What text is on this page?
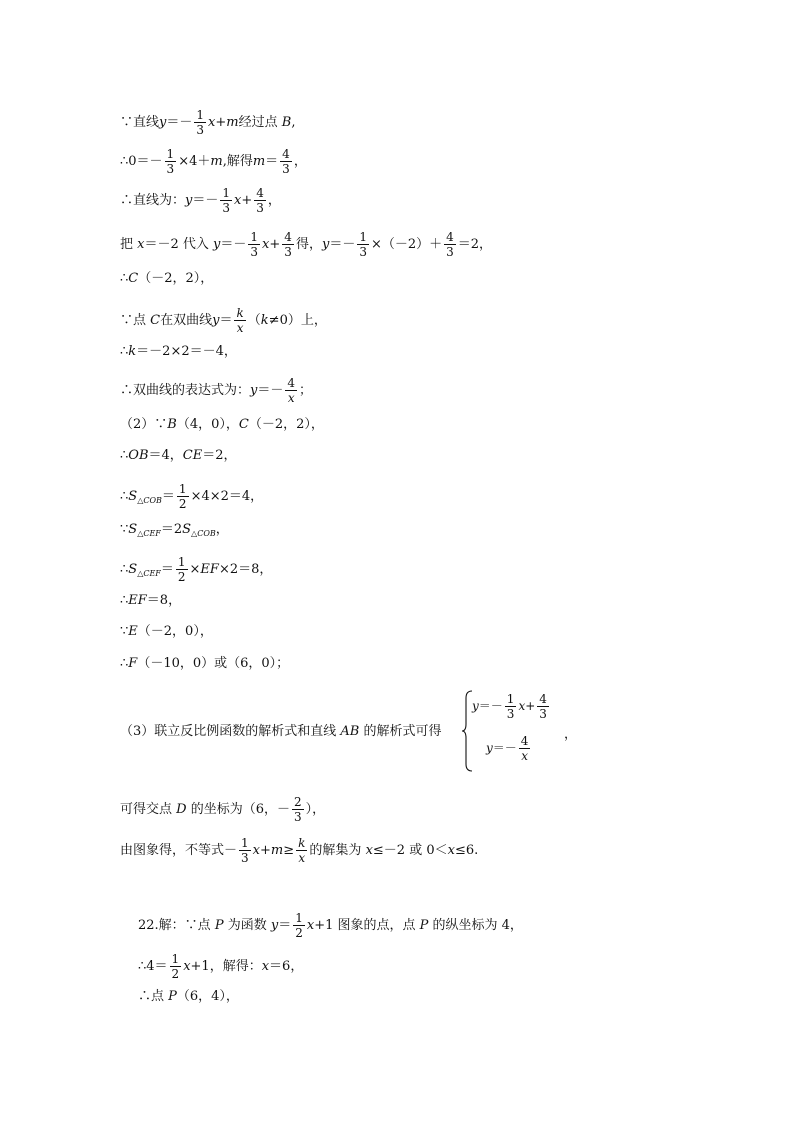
∵直线$y=- \frac{1}{3} x+m$经过点 B,
∴0＝－ $\frac{1}{3} \times 4+m$,解得$m= \frac{4}{3}$ ，
∴直线为：$y=- \frac{1}{3} x+ \frac{4}{3}$ ，
把 x＝－2 代入 $y=- \frac{1}{3} x+ \frac{4}{3}$ 得，$y=- \frac{1}{3} \times(-2)+ \frac{4}{3} =2$，
∴C（－2，2），
∵点 C在双曲线$y= \frac{k}{x} (k\ne 0)$上，
∴k＝－2×2＝－4，
∴双曲线的表达式为：$y=- \frac{4}{x}$ ；
（2）∵B（4，0），C（－2，2），
∴OB＝4，CE＝2，
$\therefore S_{\triangle COB}= \frac{1}{2} \times 4\times 2=4$，
$\because S_{\triangle CEF}=2S_{\triangle COB}$，
$\therefore S_{\triangle CEF}= \frac{1}{2} \times EF\times 2=8$，
∴EF＝8，
∵E（－2，0），
∴F（－10，0）或（6，0）；
（3）联立反比例函数的解析式和直线 AB 的解析式可得
$y=- \frac{1}{3} x+ \frac{4}{3}$
$y=- \frac{4}{x}$	，
可得交点 D 的坐标为（6，－ $\frac{2}{3}$ ），
由图象得，不等式－ $\frac{1}{3} x+m\ge \frac{k}{x}$ 的解集为 x≤－2 或 0＜x≤6.
22.解：∵点 P 为函数 $y= \frac{1}{2} x+1$ 图象的点，点 P 的纵坐标为 4，
∴4＝ $\frac{1}{2} x+1$，解得：x＝6，
∴点 P（6，4），
